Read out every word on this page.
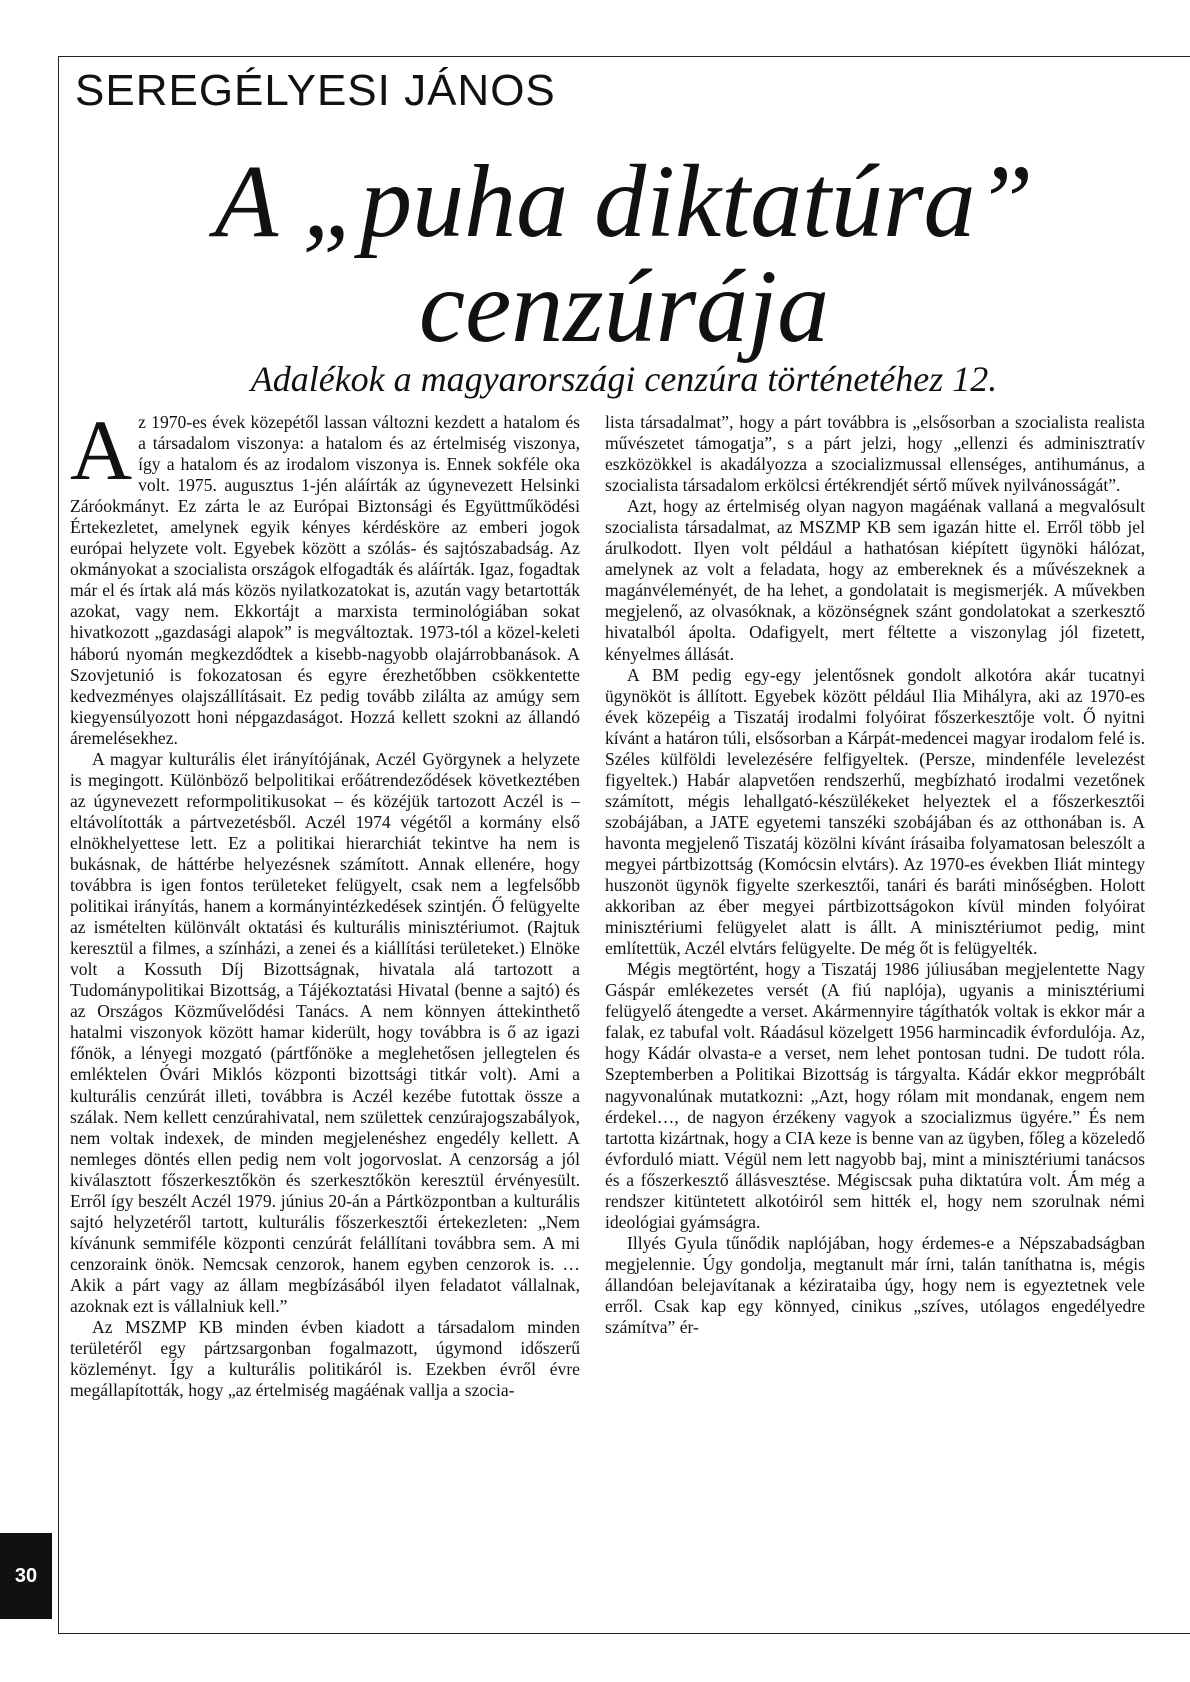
SEREGÉLYESI JÁNOS
A „puha diktatúra”
cenzúrája
Adalékok a magyarországi cenzúra történetéhez 12.

Az 1970-es évek közepétől lassan változni kezdett a hatalom és a társadalom viszonya: a hatalom és az értelmiség viszonya, így a hatalom és az irodalom viszonya is. Ennek sokféle oka volt. 1975. augusztus 1-jén aláírták az úgynevezett Helsinki Záróokmányt. Ez zárta le az Európai Biztonsági és Együttműködési Értekezletet, amelynek egyik kényes kérdésköre az emberi jogok európai helyzete volt. Egyebek között a szólás- és sajtószabadság. Az okmányokat a szocialista országok elfogadták és aláírták. Igaz, fogadtak már el és írtak alá más közös nyilatkozatokat is, azután vagy betartották azokat, vagy nem. Ekkortájt a marxista terminológiában sokat hivatkozott „gazdasági alapok” is megváltoztak. 1973-tól a közel-keleti háború nyomán megkezdődtek a kisebb-nagyobb olajárrobbanások. A Szovjetunió is fokozatosan és egyre érezhetőbben csökkentette kedvezményes olajszállításait. Ez pedig tovább zilálta az amúgy sem kiegyensúlyozott honi népgazdaságot. Hozzá kellett szokni az állandó áremelésekhez.

A magyar kulturális élet irányítójának, Aczél Györgynek a helyzete is megingott. Különböző belpolitikai erőátrendeződések következtében az úgynevezett reformpolitikusokat – és közéjük tartozott Aczél is – eltávolították a pártvezetésből. Aczél 1974 végétől a kormány első elnökhelyettese lett. Ez a politikai hierarchiát tekintve ha nem is bukásnak, de háttérbe helyezésnek számított. Annak ellenére, hogy továbbra is igen fontos területeket felügyelt, csak nem a legfelsőbb politikai irányítás, hanem a kormányintézkedések szintjén. Ő felügyelte az ismételten különvált oktatási és kulturális minisztériumot. (Rajtuk keresztül a filmes, a színházi, a zenei és a kiállítási területeket.) Elnöke volt a Kossuth Díj Bizottságnak, hivatala alá tartozott a Tudománypolitikai Bizottság, a Tájékoztatási Hivatal (benne a sajtó) és az Országos Közművelődési Tanács. A nem könnyen áttekinthető hatalmi viszonyok között hamar kiderült, hogy továbbra is ő az igazi főnök, a lényegi mozgató (pártfőnöke a meglehetősen jellegtelen és emléktelen Óvári Miklós központi bizottsági titkár volt). Ami a kulturális cenzúrát illeti, továbbra is Aczél kezébe futottak össze a szálak. Nem kellett cenzúrahivatal, nem születtek cenzúrajogszabályok, nem voltak indexek, de minden megjelenéshez engedély kellett. A nemleges döntés ellen pedig nem volt jogorvoslat. A cenzorság a jól kiválasztott főszerkesztőkön és szerkesztőkön keresztül érvényesült. Erről így beszélt Aczél 1979. június 20-án a Pártközpontban a kulturális sajtó helyzetéről tartott, kulturális főszerkesztői értekezleten: „Nem kívánunk semmiféle központi cenzúrát felállítani továbbra sem. A mi cenzoraink önök. Nemcsak cenzorok, hanem egyben cenzorok is. … Akik a párt vagy az állam megbízásából ilyen feladatot vállalnak, azoknak ezt is vállalniuk kell.”

Az MSZMP KB minden évben kiadott a társadalom minden területéről egy pártzsargonban fogalmazott, úgymond időszerű közleményt. Így a kulturális politikáról is. Ezekben évről évre megállapították, hogy „az értelmiség magáénak vallja a szocia-

lista társadalmat”, hogy a párt továbbra is „elsősorban a szocialista realista művészetet támogatja”, s a párt jelzi, hogy „ellenzi és adminisztratív eszközökkel is akadályozza a szocializmussal ellenséges, antihumánus, a szocialista társadalom erkölcsi értékrendjét sértő művek nyilvánosságát”.

Azt, hogy az értelmiség olyan nagyon magáénak vallaná a megvalósult szocialista társadalmat, az MSZMP KB sem igazán hitte el. Erről több jel árulkodott. Ilyen volt például a hathatósan kiépített ügynöki hálózat, amelynek az volt a feladata, hogy az embereknek és a művészeknek a magánvéleményét, de ha lehet, a gondolatait is megismerjék. A művekben megjelenő, az olvasóknak, a közönségnek szánt gondolatokat a szerkesztő hivatalból ápolta. Odafigyelt, mert féltette a viszonylag jól fizetett, kényelmes állását.

A BM pedig egy-egy jelentősnek gondolt alkotóra akár tucatnyi ügynököt is állított. Egyebek között például Ilia Mihályra, aki az 1970-es évek közepéig a Tiszatáj irodalmi folyóirat főszerkesztője volt. Ő nyitni kívánt a határon túli, elsősorban a Kárpát-medencei magyar irodalom felé is. Széles külföldi levelezésére felfigyeltek. (Persze, mindenféle levelezést figyeltek.) Habár alapvetően rendszerhű, megbízható irodalmi vezetőnek számított, mégis lehallgató-készülékeket helyeztek el a főszerkesztői szobájában, a JATE egyetemi tanszéki szobájában és az otthonában is. A havonta megjelenő Tiszatáj közölni kívánt írásaiba folyamatosan beleszólt a megyei pártbizottság (Komócsin elvtárs). Az 1970-es években Iliát mintegy huszonöt ügynök figyelte szerkesztői, tanári és baráti minőségben. Holott akkoriban az éber megyei pártbizottságokon kívül minden folyóirat minisztériumi felügyelet alatt is állt. A minisztériumot pedig, mint említettük, Aczél elvtárs felügyelte. De még őt is felügyelték.

Mégis megtörtént, hogy a Tiszatáj 1986 júliusában megjelentette Nagy Gáspár emlékezetes versét (A fiú naplója), ugyanis a minisztériumi felügyelő átengedte a verset. Akármennyire tágíthatók voltak is ekkor már a falak, ez tabufal volt. Ráadásul közelgett 1956 harmincadik évfordulója. Az, hogy Kádár olvasta-e a verset, nem lehet pontosan tudni. De tudott róla. Szeptemberben a Politikai Bizottság is tárgyalta. Kádár ekkor megpróbált nagyvonalúnak mutatkozni: „Azt, hogy rólam mit mondanak, engem nem érdekel…, de nagyon érzékeny vagyok a szocializmus ügyére.” És nem tartotta kizártnak, hogy a CIA keze is benne van az ügyben, főleg a közeledő évforduló miatt. Végül nem lett nagyobb baj, mint a minisztériumi tanácsos és a főszerkesztő állásvesztése. Mégiscsak puha diktatúra volt. Ám még a rendszer kitüntetett alkotóiról sem hitték el, hogy nem szorulnak némi ideológiai gyámságra.

Illyés Gyula tűnődik naplójában, hogy érdemes-e a Népszabadságban megjelennie. Úgy gondolja, megtanult már írni, talán taníthatna is, mégis állandóan belejavítanak a kézirataiba úgy, hogy nem is egyeztetnek vele erről. Csak kap egy könnyed, cinikus „szíves, utólagos engedélyedre számítva” ér-

30
